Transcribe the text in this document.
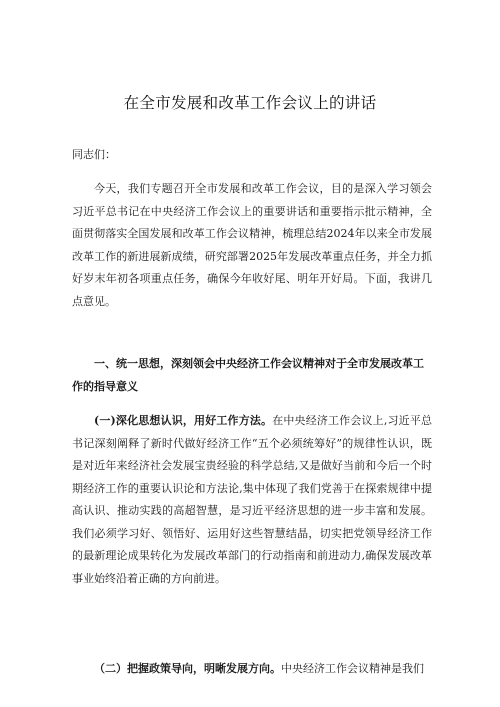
在全市发展和改革工作会议上的讲话
同志们：

今天，我们专题召开全市发展和改革工作会议，目的是深入学习领会习近平总书记在中央经济工作会议上的重要讲话和重要指示批示精神，全面贯彻落实全国发展和改革工作会议精神，梳理总结2024年以来全市发展改革工作的新进展新成绩，研究部署2025年发展改革重点任务，并全力抓好岁末年初各项重点任务，确保今年收好尾、明年开好局。下面，我讲几点意见。

一、统一思想，深刻领会中央经济工作会议精神对于全市发展改革工作的指导意义

(一)深化思想认识，用好工作方法。在中央经济工作会议上,习近平总书记深刻阐释了新时代做好经济工作“五个必须统筹好”的规律性认识，既是对近年来经济社会发展宝贵经验的科学总结,又是做好当前和今后一个时期经济工作的重要认识论和方法论,集中体现了我们党善于在探索规律中提高认识、推动实践的高超智慧，是习近平经济思想的进一步丰富和发展。我们必须学习好、领悟好、运用好这些智慧结晶，切实把党领导经济工作的最新理论成果转化为发展改革部门的行动指南和前进动力,确保发展改革事业始终沿着正确的方向前进。

（二）把握政策导向，明晰发展方向。中央经济工作会议精神是我们
